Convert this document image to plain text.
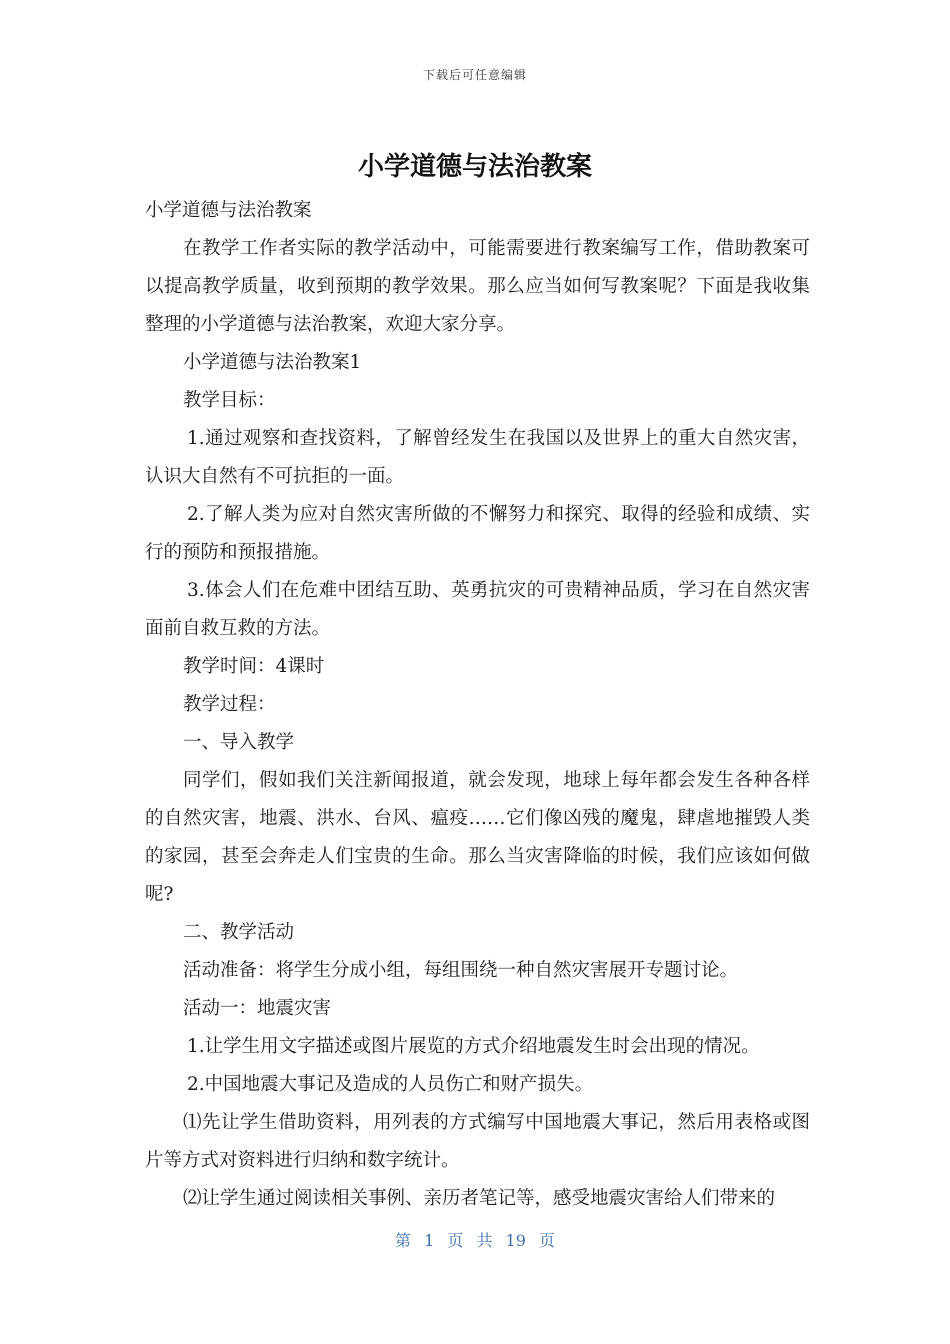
下载后可任意编辑
小学道德与法治教案

小学道德与法治教案

在教学工作者实际的教学活动中，可能需要进行教案编写工作，借助教案可以提高教学质量，收到预期的教学效果。那么应当如何写教案呢？下面是我收集整理的小学道德与法治教案，欢迎大家分享。

小学道德与法治教案1

教学目标：

1.通过观察和查找资料，了解曾经发生在我国以及世界上的重大自然灾害，认识大自然有不可抗拒的一面。

2.了解人类为应对自然灾害所做的不懈努力和探究、取得的经验和成绩、实行的预防和预报措施。

3.体会人们在危难中团结互助、英勇抗灾的可贵精神品质，学习在自然灾害面前自救互救的方法。

教学时间：4课时

教学过程：

一、导入教学

同学们，假如我们关注新闻报道，就会发现，地球上每年都会发生各种各样的自然灾害，地震、洪水、台风、瘟疫……它们像凶残的魔鬼，肆虐地摧毁人类的家园，甚至会奔走人们宝贵的生命。那么当灾害降临的时候，我们应该如何做呢?

二、教学活动

活动准备：将学生分成小组，每组围绕一种自然灾害展开专题讨论。

活动一：地震灾害

1.让学生用文字描述或图片展览的方式介绍地震发生时会出现的情况。

2.中国地震大事记及造成的人员伤亡和财产损失。

⑴先让学生借助资料，用列表的方式编写中国地震大事记，然后用表格或图片等方式对资料进行归纳和数字统计。

⑵让学生通过阅读相关事例、亲历者笔记等，感受地震灾害给人们带来的

第 1 页 共 19 页
